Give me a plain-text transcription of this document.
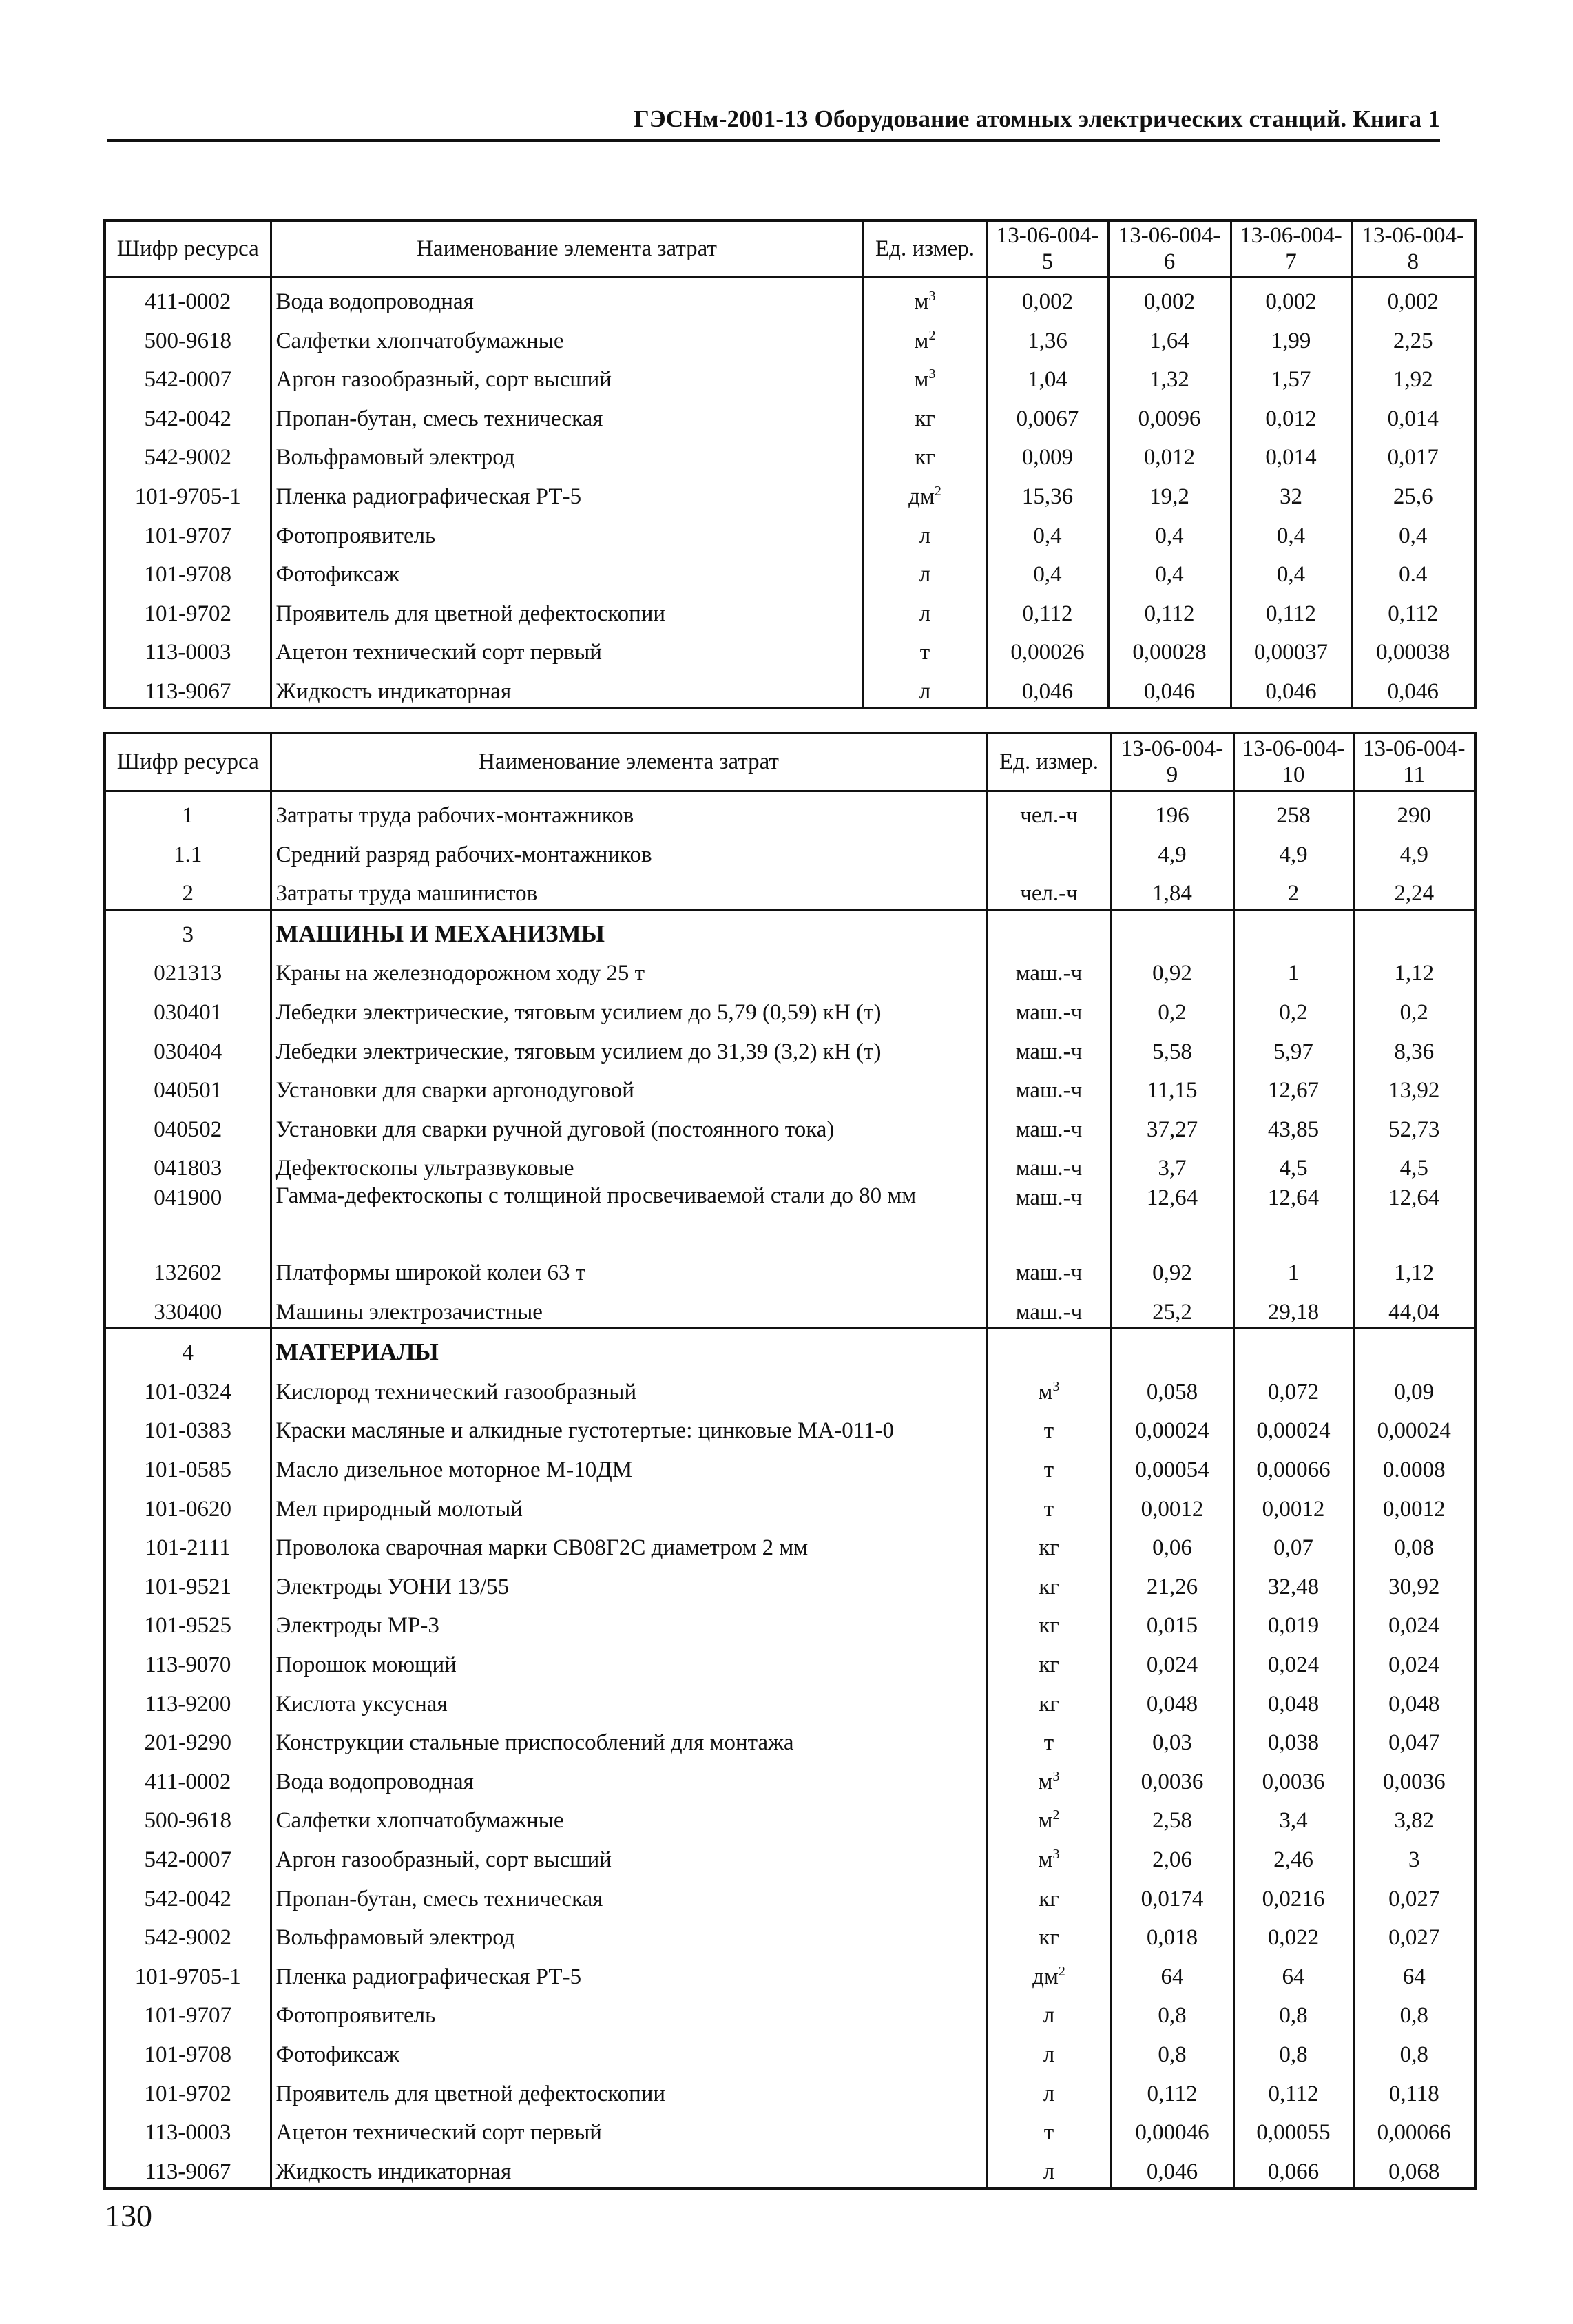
ГЭСНм-2001-13 Оборудование атомных электрических станций. Книга 1
Шифр ресурса	Наименование элемента затрат	Ед. измер.	13-06-004-5	13-06-004-6	13-06-004-7	13-06-004-8
411-0002	Вода водопроводная	$м^3$	0,002	0,002	0,002	0,002
500-9618	Салфетки хлопчатобумажные	$м^2$	1,36	1,64	1,99	2,25
542-0007	Аргон газообразный, сорт высший	$м^3$	1,04	1,32	1,57	1,92
542-0042	Пропан-бутан, смесь техническая	кг	0,0067	0,0096	0,012	0,014
542-9002	Вольфрамовый электрод	кг	0,009	0,012	0,014	0,017
101-9705-1	Пленка радиографическая РТ-5	$дм^2$	15,36	19,2	32	25,6
101-9707	Фотопроявитель	л	0,4	0,4	0,4	0,4
101-9708	Фотофиксаж	л	0,4	0,4	0,4	0.4
101-9702	Проявитель для цветной дефектоскопии	л	0,112	0,112	0,112	0,112
113-0003	Ацетон технический сорт первый	т	0,00026	0,00028	0,00037	0,00038
113-9067	Жидкость индикаторная	л	0,046	0,046	0,046	0,046
Шифр ресурса	Наименование элемента затрат	Ед. измер.	13-06-004-9	13-06-004-10	13-06-004-11
1	Затраты труда рабочих-монтажников	чел.-ч	196	258	290
1.1	Средний разряд рабочих-монтажников		4,9	4,9	4,9
2	Затраты труда машинистов	чел.-ч	1,84	2	2,24
3	МАШИНЫ И МЕХАНИЗМЫ				
021313	Краны на железнодорожном ходу 25 т	маш.-ч	0,92	1	1,12
030401	Лебедки электрические, тяговым усилием до 5,79 (0,59) кН (т)	маш.-ч	0,2	0,2	0,2
030404	Лебедки электрические, тяговым усилием до 31,39 (3,2) кН (т)	маш.-ч	5,58	5,97	8,36
040501	Установки для сварки аргонодуговой	маш.-ч	11,15	12,67	13,92
040502	Установки для сварки ручной дуговой (постоянного тока)	маш.-ч	37,27	43,85	52,73
041803	Дефектоскопы ультразвуковые	маш.-ч	3,7	4,5	4,5
041900	Гамма-дефектоскопы с толщиной просвечиваемой стали до 80 мм	маш.-ч	12,64	12,64	12,64
132602	Платформы широкой колеи 63 т	маш.-ч	0,92	1	1,12
330400	Машины электрозачистные	маш.-ч	25,2	29,18	44,04
4	МАТЕРИАЛЫ				
101-0324	Кислород технический газообразный	$м^3$	0,058	0,072	0,09
101-0383	Краски масляные и алкидные густотертые: цинковые МА-011-0	т	0,00024	0,00024	0,00024
101-0585	Масло дизельное моторное М-10ДМ	т	0,00054	0,00066	0.0008
101-0620	Мел природный молотый	т	0,0012	0,0012	0,0012
101-2111	Проволока сварочная марки СВ08Г2С диаметром 2 мм	кг	0,06	0,07	0,08
101-9521	Электроды УОНИ 13/55	кг	21,26	32,48	30,92
101-9525	Электроды МР-3	кг	0,015	0,019	0,024
113-9070	Порошок моющий	кг	0,024	0,024	0,024
113-9200	Кислота уксусная	кг	0,048	0,048	0,048
201-9290	Конструкции стальные приспособлений для монтажа	т	0,03	0,038	0,047
411-0002	Вода водопроводная	$м^3$	0,0036	0,0036	0,0036
500-9618	Салфетки хлопчатобумажные	$м^2$	2,58	3,4	3,82
542-0007	Аргон газообразный, сорт высший	$м^3$	2,06	2,46	3
542-0042	Пропан-бутан, смесь техническая	кг	0,0174	0,0216	0,027
542-9002	Вольфрамовый электрод	кг	0,018	0,022	0,027
101-9705-1	Пленка радиографическая РТ-5	$дм^2$	64	64	64
101-9707	Фотопроявитель	л	0,8	0,8	0,8
101-9708	Фотофиксаж	л	0,8	0,8	0,8
101-9702	Проявитель для цветной дефектоскопии	л	0,112	0,112	0,118
113-0003	Ацетон технический сорт первый	т	0,00046	0,00055	0,00066
113-9067	Жидкость индикаторная	л	0,046	0,066	0,068
130
